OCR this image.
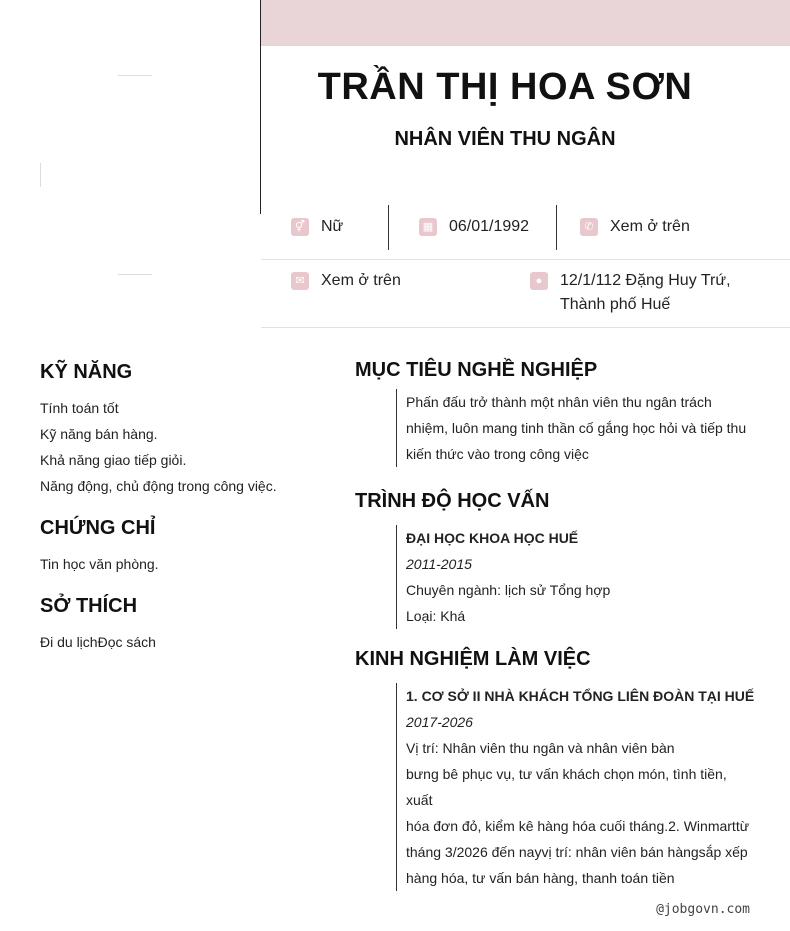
TRẦN THỊ HOA SƠN
NHÂN VIÊN THU NGÂN
⚥ Nữ	▦ 06/01/1992	✆ Xem ở trên
✉ Xem ở trên	●	12/1/112 Đặng Huy Trứ, Thành phố Huế
KỸ NĂNG
Tính toán tốt
Kỹ năng bán hàng.
Khả năng giao tiếp giỏi.
Năng động, chủ động trong công việc.
CHỨNG CHỈ
Tin học văn phòng.
SỞ THÍCH
Đi du lịchĐọc sách
MỤC TIÊU NGHỀ NGHIỆP
Phấn đấu trở thành một nhân viên thu ngân trách
nhiệm, luôn mang tinh thần cố gắng học hỏi và tiếp thu
kiến thức vào trong công việc
TRÌNH ĐỘ HỌC VẤN
ĐẠI HỌC KHOA HỌC HUẾ
2011-2015
Chuyên ngành: lịch sử Tổng hợp
Loại: Khá
KINH NGHIỆM LÀM VIỆC
1. CƠ SỞ II NHÀ KHÁCH TỔNG LIÊN ĐOÀN TẠI HUẾ
2017-2026
Vị trí: Nhân viên thu ngân và nhân viên bàn
bưng bê phục vụ, tư vấn khách chọn món, tình tiền, xuất
hóa đơn đỏ, kiểm kê hàng hóa cuối tháng.2. Winmarttừ
tháng 3/2026 đến nayvị trí: nhân viên bán hàngsắp xếp
hàng hóa, tư vấn bán hàng, thanh toán tiền
@jobgovn.com
